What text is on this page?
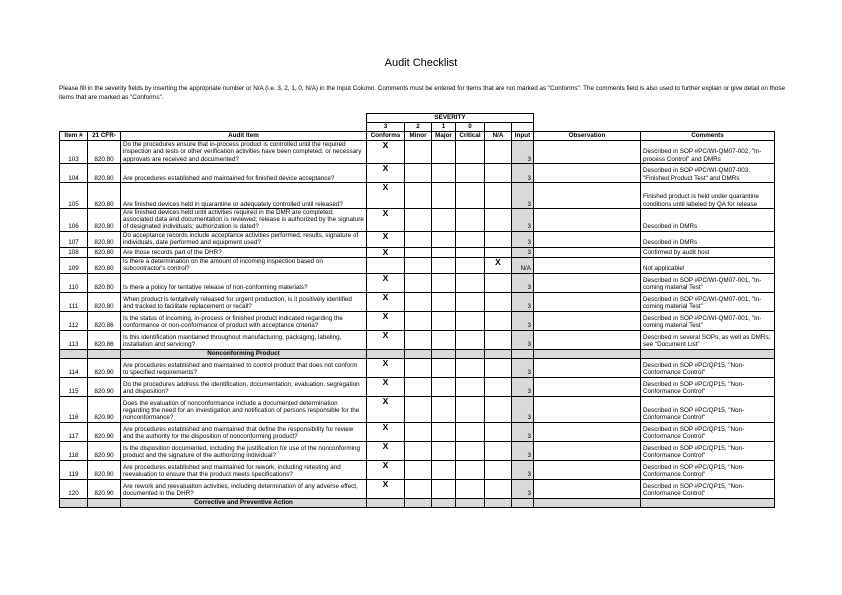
Audit Checklist
Please fill in the severity fields by inserting the appropriate number or N/A (i.e. 3, 2, 1, 0, N/A) in the Input Column. Comments must be entered for items that are not marked as "Conforms". The comments field is also used to further explain or give detail on those items that are marked as "Conforms".
			SEVERITY							
			3	2	1	0				
Item #	21 CFR-	Audit Item	Conforms	Minor	Major	Critical	N/A	Input	Observation	Comments
103	820.80	Do the procedures ensure that in-process product is controlled until the required inspection and tests or other verification activities have been completed, or necessary approvals are received and documented?	X					3		Described in SOP #PC/WI-QM07-002, "In-process Control" and DMRs
104	820.80	Are procedures established and maintained for finished device acceptance?	X					3		Described in SOP #PC/WI-QM07-003, "Finished Product Test" and DMRs
105	820.80	Are finished devices held in quarantine or adequately controlled until released?	X					3		Finished product is held under quarantine conditions until labeled by QA for release
106	820.80	Are finished devices held until activities required in the DMR are completed; associated data and documentation is reviewed; release is authorized by the signature of designated individuals; authorization is dated?	X					3		Described in DMRs
107	820.80	Do acceptance records include acceptance activities performed, results, signature of individuals, date performed and equipment used?	X					3		Described in DMRs
108	820.80	Are those records part of the DHR?	X					3		Confirmed by audit host
109	820.80	Is there a determination on the amount of incoming inspection based on subcontractor's control?					X	N/A		Not applicable!
110	820.80	Is there a policy for tentative release of non-conforming materials?	X					3		Described in SOP #PC/WI-QM07-001, "In-coming material Test"
111	820.80	When product is tentatively released for urgent production, is it positively identified and tracked to facilitate replacement or recall?	X					3		Described in SOP #PC/WI-QM07-001, "In-coming material Test"
112	820.86	Is the status of incoming, in-process or finished product indicated regarding the conformance or non-conformance of product with acceptance criteria?	X					3		Described in SOP #PC/WI-QM07-001, "In-coming material Test"
113	820.86	Is this identification maintained throughout manufacturing, packaging, labeling, installation and servicing?	X					3		Described in several SOPs, as well as DMRs; see "Document List"
		Nonconforming Product								
114	820.90	Are procedures established and maintained to control product that does not conform to specified requirements?	X					3		Described in SOP #PC/QP15, "Non-Conformance Control"
115	820.90	Do the procedures address the identification, documentation, evaluation, segregation and disposition?	X					3		Described in SOP #PC/QP15, "Non-Conformance Control"
116	820.90	Does the evaluation of nonconformance include a documented determination regarding the need for an investigation and notification of persons responsible for the nonconformance?	X					3		Described in SOP #PC/QP15, "Non-Conformance Control"
117	820.90	Are procedures established and maintained that define the responsibility for review and the authority for the disposition of nonconforming product?	X					3		Described in SOP #PC/QP15, "Non-Conformance Control"
118	820.90	Is the disposition documented, including the justification for use of the nonconforming product and the signature of the authorizing individual?	X					3		Described in SOP #PC/QP15, "Non-Conformance Control"
119	820.90	Are procedures established and maintained for rework, including retesting and reevaluation to ensure that the product meets specifications?	X					3		Described in SOP #PC/QP15, "Non-Conformance Control"
120	820.90	Are rework and reevaluation activities, including determination of any adverse effect, documented in the DHR?	X					3		Described in SOP #PC/QP15, "Non-Conformance Control"
		Corrective and Preventive Action								
